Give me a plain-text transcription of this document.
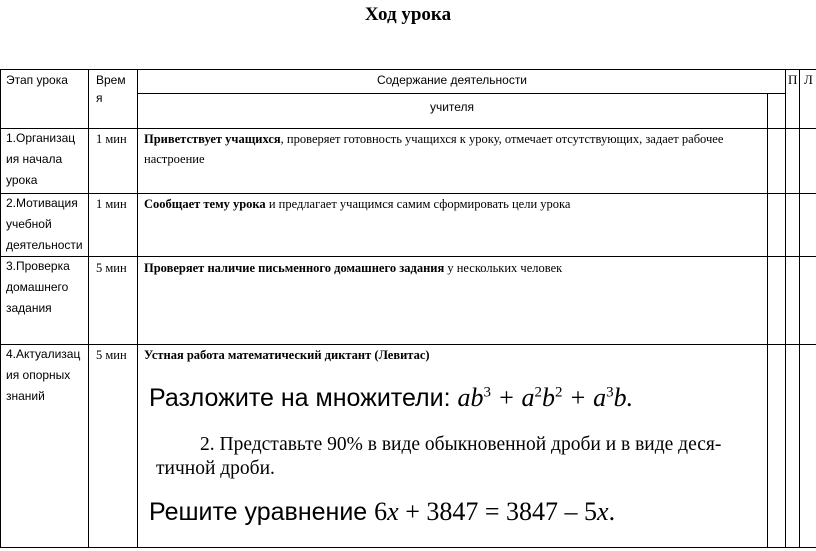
Ход урока
Этап урока Врем
я
Содержание деятельности
учителя
П Л
1.Организац
ия начала
урока
1 мин Приветствует учащихся, проверяет готовность учащихся к уроку, отмечает отсутствующих, задает рабочее настроение
2.Мотивация
учебной
деятельности
1 мин Сообщает тему урока и предлагает учащимся самим сформировать цели урока
3.Проверка
домашнего
задания
5 мин Проверяет наличие письменного домашнего задания у нескольких человек
4.Актуализац
ия опорных
знаний
5 мин Устная работа математический диктант (Левитас)
Разложите на множители: $ab^3 + a^2b^2 + a^3b$.
2. Представьте 90% в виде обыкновенной дроби и в виде деся-
тичной дроби.
Решите уравнение 6x + 3847 = 3847 – 5x.
